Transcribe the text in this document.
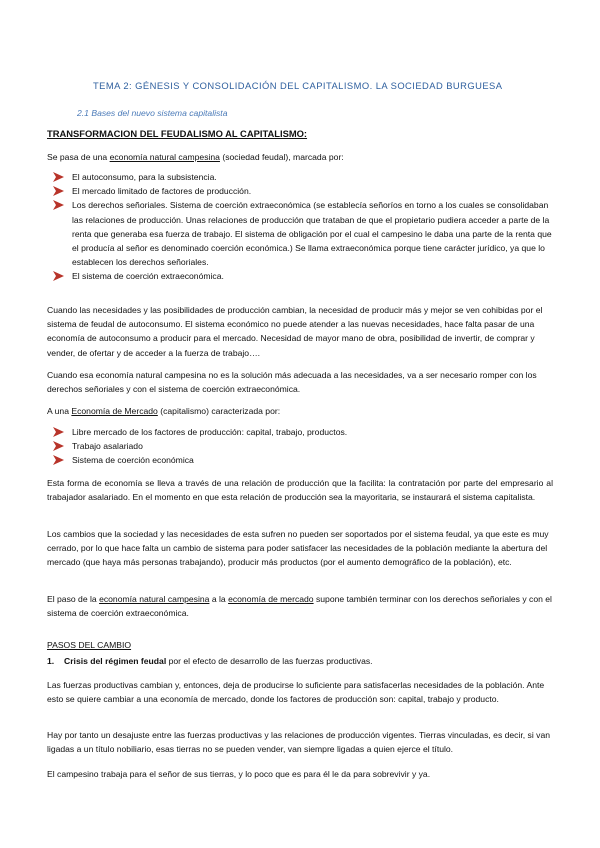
TEMA 2: GÉNESIS Y CONSOLIDACIÓN DEL CAPITALISMO. LA SOCIEDAD BURGUESA
2.1 Bases del nuevo sistema capitalista
TRANSFORMACION DEL FEUDALISMO AL CAPITALISMO:
Se pasa de una economía natural campesina (sociedad feudal), marcada por:
El autoconsumo, para la subsistencia.
El mercado limitado de factores de producción.
Los derechos señoriales. Sistema de coerción extraeconómica (se establecía señoríos en torno a los cuales se consolidaban las relaciones de producción. Unas relaciones de producción que trataban de que el propietario pudiera acceder a parte de la renta que generaba esa fuerza de trabajo. El sistema de obligación por el cual el campesino le daba una parte de la renta que el producía al señor es denominado coerción económica.) Se llama extraeconómica porque tiene carácter jurídico, ya que lo establecen los derechos señoriales.
El sistema de coerción extraeconómica.
Cuando las necesidades y las posibilidades de producción cambian, la necesidad de producir más y mejor se ven cohibidas por el sistema de feudal de autoconsumo. El sistema económico no puede atender a las nuevas necesidades, hace falta pasar de una economía de autoconsumo a producir para el mercado. Necesidad de mayor mano de obra, posibilidad de invertir, de comprar y vender, de ofertar y de acceder a la fuerza de trabajo….
Cuando esa economía natural campesina no es la solución más adecuada a las necesidades, va a ser necesario romper con los derechos señoriales y con el sistema de coerción extraeconómica.
A una Economía de Mercado (capitalismo) caracterizada por:
Libre mercado de los factores de producción: capital, trabajo, productos.
Trabajo asalariado
Sistema de coerción económica
Esta forma de economía se lleva a través de una relación de producción que la facilita: la contratación por parte del empresario al trabajador asalariado. En el momento en que esta relación de producción sea la mayoritaria, se instaurará el sistema capitalista.
Los cambios que la sociedad y las necesidades de esta sufren no pueden ser soportados por el sistema feudal, ya que este es muy cerrado, por lo que hace falta un cambio de sistema para poder satisfacer las necesidades de la población mediante la abertura del mercado (que haya más personas trabajando), producir más productos (por el aumento demográfico de la población), etc.
El paso de la economía natural campesina a la economía de mercado supone también terminar con los derechos señoriales y con el sistema de coerción extraeconómica.
PASOS DEL CAMBIO
1. Crisis del régimen feudal por el efecto de desarrollo de las fuerzas productivas.
Las fuerzas productivas cambian y, entonces, deja de producirse lo suficiente para satisfacerlas necesidades de la población. Ante esto se quiere cambiar a una economía de mercado, donde los factores de producción son: capital, trabajo y producto.
Hay por tanto un desajuste entre las fuerzas productivas y las relaciones de producción vigentes. Tierras vinculadas, es decir, si van ligadas a un título nobiliario, esas tierras no se pueden vender, van siempre ligadas a quien ejerce el título.
El campesino trabaja para el señor de sus tierras, y lo poco que es para él le da para sobrevivir y ya.
